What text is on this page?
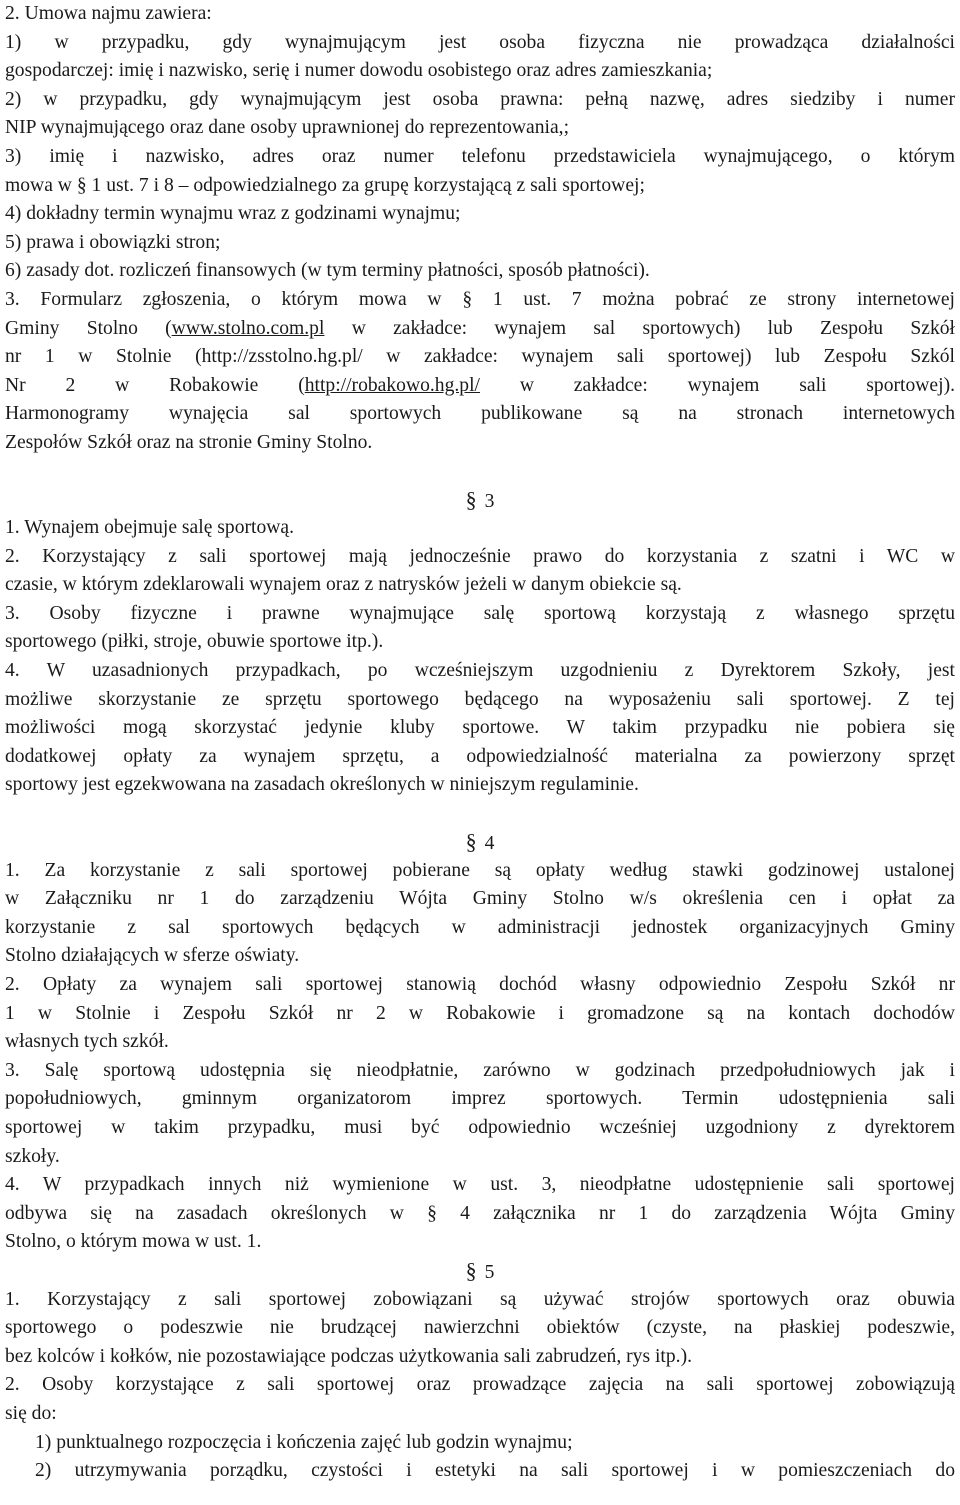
2. Umowa najmu zawiera:
1) w przypadku, gdy wynajmującym jest osoba fizyczna nie prowadząca działalności
gospodarczej: imię i nazwisko, serię i numer dowodu osobistego oraz adres zamieszkania;
2) w przypadku, gdy wynajmującym jest osoba prawna: pełną nazwę, adres siedziby i numer
NIP wynajmującego oraz dane osoby uprawnionej do reprezentowania,;
3) imię i nazwisko, adres oraz numer telefonu przedstawiciela wynajmującego, o którym
mowa w § 1 ust. 7 i 8 – odpowiedzialnego za grupę korzystającą z sali sportowej;
4) dokładny termin wynajmu wraz z godzinami wynajmu;
5) prawa i obowiązki stron;
6) zasady dot. rozliczeń finansowych (w tym terminy płatności, sposób płatności).
3. Formularz zgłoszenia, o którym mowa w § 1 ust. 7 można pobrać ze strony internetowej
Gminy Stolno (www.stolno.com.pl w zakładce: wynajem sal sportowych) lub Zespołu Szkół
nr 1 w Stolnie (http://zsstolno.hg.pl/ w zakładce: wynajem sali sportowej) lub Zespołu Szkól
Nr 2 w Robakowie (http://robakowo.hg.pl/ w zakładce: wynajem sali sportowej).
Harmonogramy wynajęcia sal sportowych publikowane są na stronach internetowych
Zespołów Szkół oraz na stronie Gminy Stolno.
§ 3
1. Wynajem obejmuje salę sportową.
2. Korzystający z sali sportowej mają jednocześnie prawo do korzystania z szatni i WC w
czasie, w którym zdeklarowali wynajem oraz z natrysków jeżeli w danym obiekcie są.
3. Osoby fizyczne i prawne wynajmujące salę sportową korzystają z własnego sprzętu
sportowego (piłki, stroje, obuwie sportowe itp.).
4. W uzasadnionych przypadkach, po wcześniejszym uzgodnieniu z Dyrektorem Szkoły, jest
możliwe skorzystanie ze sprzętu sportowego będącego na wyposażeniu sali sportowej. Z tej
możliwości mogą skorzystać jedynie kluby sportowe. W takim przypadku nie pobiera się
dodatkowej opłaty za wynajem sprzętu, a odpowiedzialność materialna za powierzony sprzęt
sportowy jest egzekwowana na zasadach określonych w niniejszym regulaminie.
§ 4
1. Za korzystanie z sali sportowej pobierane są opłaty według stawki godzinowej ustalonej
w Załączniku nr 1 do zarządzeniu Wójta Gminy Stolno w/s określenia cen i opłat za
korzystanie z sal sportowych będących w administracji jednostek organizacyjnych Gminy
Stolno działających w sferze oświaty.
2. Opłaty za wynajem sali sportowej stanowią dochód własny odpowiednio Zespołu Szkół nr
1 w Stolnie i Zespołu Szkół nr 2 w Robakowie i gromadzone są na kontach dochodów
własnych tych szkół.
3. Salę sportową udostępnia się nieodpłatnie, zarówno w godzinach przedpołudniowych jak i
popołudniowych, gminnym organizatorom imprez sportowych. Termin udostępnienia sali
sportowej w takim przypadku, musi być odpowiednio wcześniej uzgodniony z dyrektorem
szkoły.
4. W przypadkach innych niż wymienione w ust. 3, nieodpłatne udostępnienie sali sportowej
odbywa się na zasadach określonych w § 4 załącznika nr 1 do zarządzenia Wójta Gminy
Stolno, o którym mowa w ust. 1.
§ 5
1. Korzystający z sali sportowej zobowiązani są używać strojów sportowych oraz obuwia
sportowego o podeszwie nie brudzącej nawierzchni obiektów (czyste, na płaskiej podeszwie,
bez kolców i kołków, nie pozostawiające podczas użytkowania sali zabrudzeń, rys itp.).
2. Osoby korzystające z sali sportowej oraz prowadzące zajęcia na sali sportowej zobowiązują
się do:
1) punktualnego rozpoczęcia i kończenia zajęć lub godzin wynajmu;
2) utrzymywania porządku, czystości i estetyki na sali sportowej i w pomieszczeniach do
